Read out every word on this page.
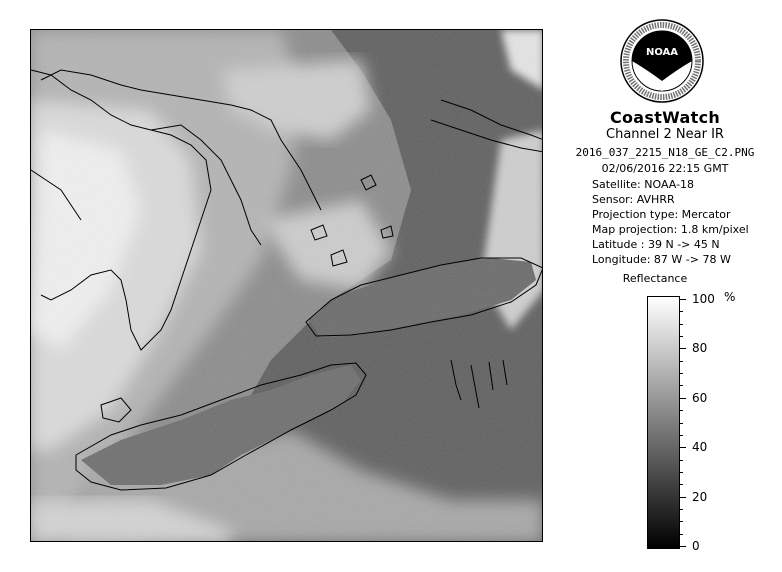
NOAA
CoastWatch
Channel 2 Near IR
2016_037_2215_N18_GE_C2.PNG
02/06/2016 22:15 GMT
Satellite: NOAA-18
Sensor: AVHRR
Projection type: Mercator
Map projection: 1.8 km/pixel
Latitude : 39 N -> 45 N
Longitude: 87 W -> 78 W
Reflectance
%
100
80
60
40
20
0
